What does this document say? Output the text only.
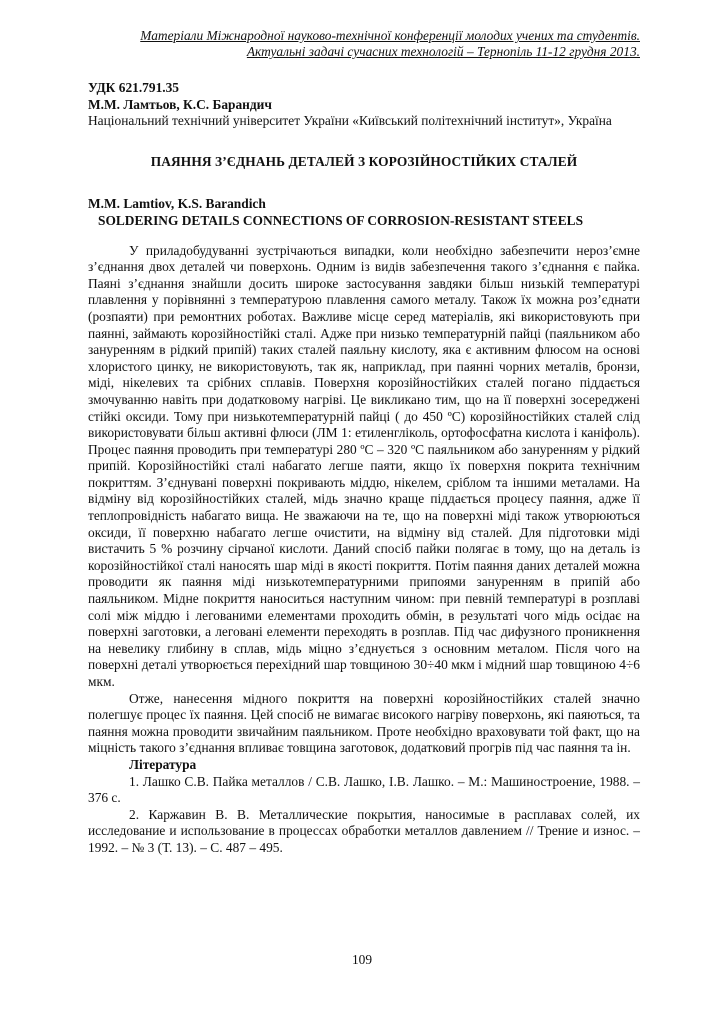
Матеріали Міжнародної науково-технічної конференції молодих учених та студентів.
Актуальні задачі сучасних технологій – Тернопіль 11-12 грудня 2013.
УДК 621.791.35
М.М. Ламтьов, К.С. Барандич
Національний технічний університет України «Київський політехнічний інститут», Україна
ПАЯННЯ З’ЄДНАНЬ ДЕТАЛЕЙ З КОРОЗІЙНОСТІЙКИХ СТАЛЕЙ
M.M. Lamtiov, K.S. Barandich
SOLDERING DETAILS CONNECTIONS OF CORROSION-RESISTANT STEELS

У приладобудуванні зустрічаються випадки, коли необхідно забезпечити нероз’ємне з’єднання двох деталей чи поверхонь. Одним із видів забезпечення такого з’єднання є пайка. Паяні з’єднання знайшли досить широке застосування завдяки більш низькій температурі плавлення у порівнянні з температурою плавлення самого металу. Також їх можна роз’єднати (розпаяти) при ремонтних роботах. Важливе місце серед матеріалів, які використовують при паянні, займають корозійностійкі сталі. Адже при низько температурній пайці (паяльником або зануренням в рідкий припій) таких сталей паяльну кислоту, яка є активним флюсом на основі хлористого цинку, не використовують, так як, наприклад, при паянні чорних металів, бронзи, міді, нікелевих та срібних сплавів. Поверхня корозійностійких сталей погано піддається змочуванню навіть при додатковому нагріві. Це викликано тим, що на її поверхні зосереджені стійкі оксиди. Тому при низькотемпературній пайці ( до 450 ºС) корозійностійких сталей слід використовувати більш активні флюси (ЛМ 1: етиленгліколь, ортофосфатна кислота і каніфоль). Процес паяння проводить при температурі 280 ºС – 320 ºС паяльником або зануренням у рідкий припій. Корозійностійкі сталі набагато легше паяти, якщо їх поверхня покрита технічним покриттям. З’єднувані поверхні покривають міддю, нікелем, сріблом та іншими металами. На відміну від корозійностійких сталей, мідь значно краще піддається процесу паяння, адже її теплопровідність набагато вища. Не зважаючи на те, що на поверхні міді також утворюються оксиди, її поверхню набагато легше очистити, на відміну від сталей. Для підготовки міді вистачить 5 % розчину сірчаної кислоти. Даний спосіб пайки полягає в тому, що на деталь із корозійностійкої сталі наносять шар міді в якості покриття. Потім паяння даних деталей можна проводити як паяння міді низькотемпературними припоями зануренням в припій або паяльником. Мідне покриття наноситься наступним чином: при певній температурі в розплаві солі між міддю і легованими елементами проходить обмін, в результаті чого мідь осідає на поверхні заготовки, а леговані елементи переходять в розплав. Під час дифузного проникнення на невелику глибину в сплав, мідь міцно з’єднується з основним металом. Після чого на поверхні деталі утворюється перехідний шар товщиною 30÷40 мкм і мідний шар товщиною 4÷6 мкм.

Отже, нанесення мідного покриття на поверхні корозійностійких сталей значно полегшує процес їх паяння. Цей спосіб не вимагає високого нагріву поверхонь, які паяються, та паяння можна проводити звичайним паяльником. Проте необхідно враховувати той факт, що на міцність такого з’єднання впливає товщина заготовок, додатковий прогрів під час паяння та ін.

Література

1. Лашко С.В. Пайка металлов / С.В. Лашко, І.В. Лашко. – М.: Машиностроение, 1988. – 376 с.

2. Каржавин В. В. Металлические покрытия, наносимые в расплавах солей, их исследование и использование в процессах обработки металлов давлением // Трение и износ. – 1992. – № 3 (Т. 13). – С. 487 – 495.

109
